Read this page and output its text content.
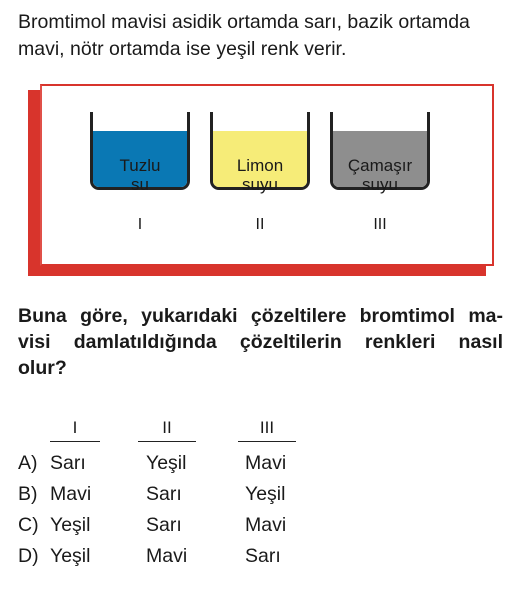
Bromtimol mavisi asidik ortamda sarı, bazik ortamda
mavi, nötr ortamda ise yeşil renk verir.
Tuzlu
su
I
Limon
suyu
II
Çamaşır
suyu
III
Buna göre, yukarıdaki çözeltilere bromtimol ma-
visi damlatıldığında çözeltilerin renkleri nasıl
olur?
I	II	III
A) Sarı	Yeşil	Mavi
B) Mavi	Sarı	Yeşil
C) Yeşil	Sarı	Mavi
D) Yeşil	Mavi	Sarı
